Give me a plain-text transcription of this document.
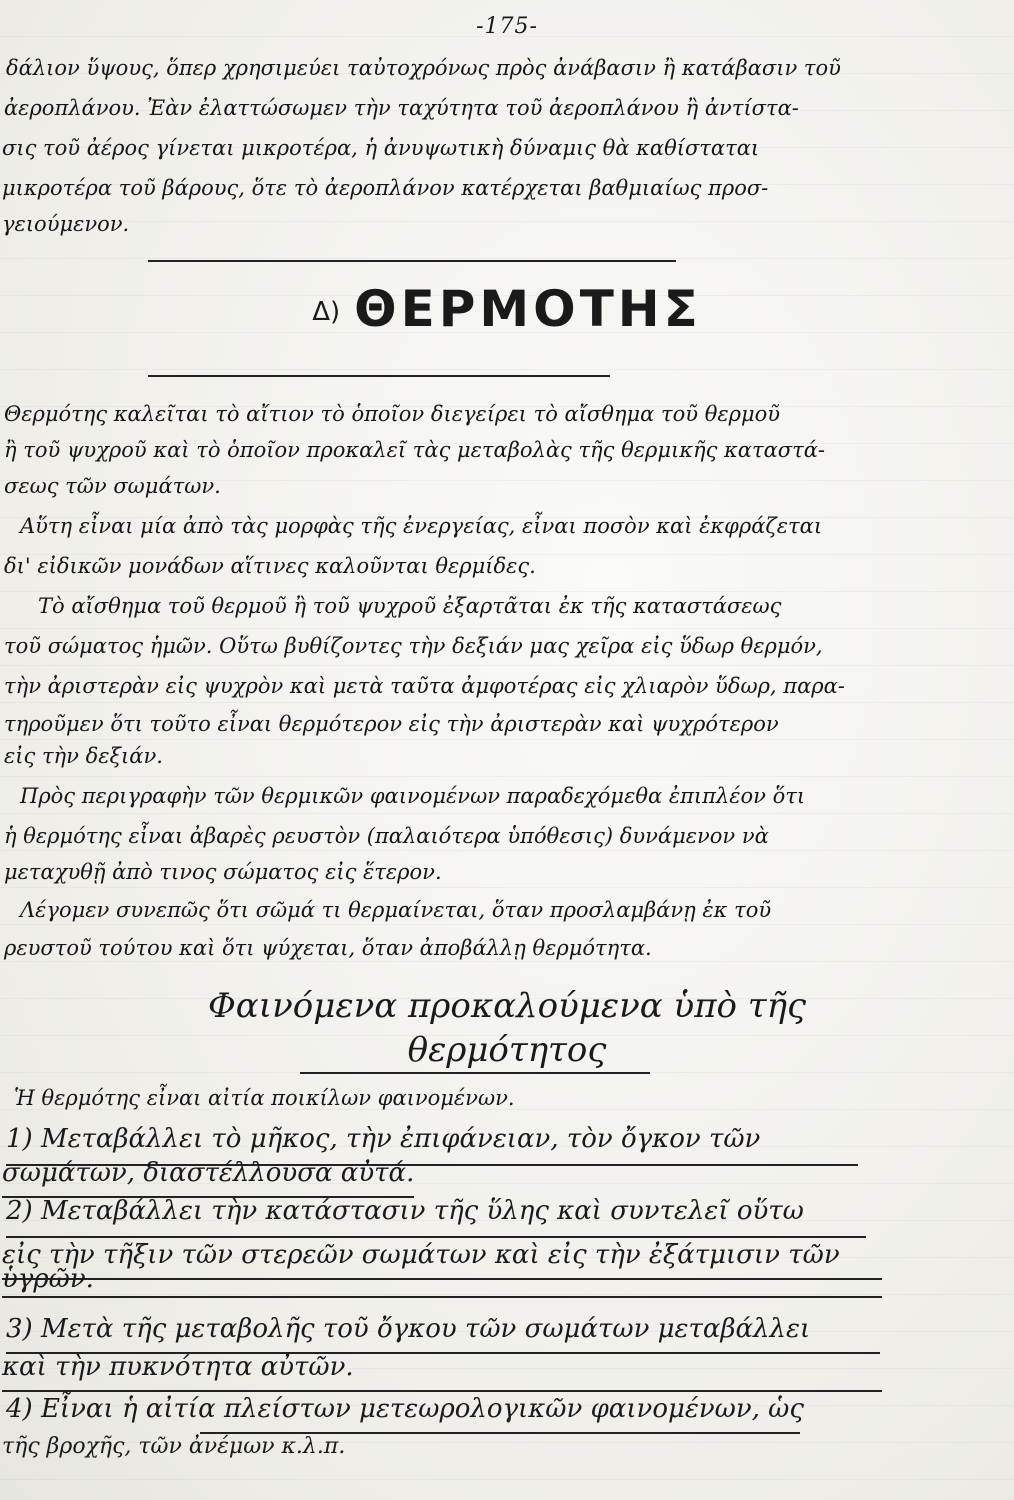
-175-
δάλιον ὕψους, ὅπερ χρησιμεύει ταὐτοχρόνως πρὸς ἀνάβασιν ἢ κατάβασιν τοῦ
ἀεροπλάνου. Ἐὰν ἐλαττώσωμεν τὴν ταχύτητα τοῦ ἀεροπλάνου ἢ ἀντίστα-
σις τοῦ ἀέρος γίνεται μικροτέρα, ἡ ἀνυψωτικὴ δύναμις θὰ καθίσταται
μικροτέρα τοῦ βάρους, ὅτε τὸ ἀεροπλάνον κατέρχεται βαθμιαίως προσ-
γειούμενον.
Δ) ΘΕΡΜΟΤΗΣ
Θερμότης καλεῖται τὸ αἴτιον τὸ ὁποῖον διεγείρει τὸ αἴσθημα τοῦ θερμοῦ
ἢ τοῦ ψυχροῦ καὶ τὸ ὁποῖον προκαλεῖ τὰς μεταβολὰς τῆς θερμικῆς καταστά-
σεως τῶν σωμάτων.
Αὕτη εἶναι μία ἀπὸ τὰς μορφὰς τῆς ἐνεργείας, εἶναι ποσὸν καὶ ἐκφράζεται
δι' εἰδικῶν μονάδων αἵτινες καλοῦνται θερμίδες.
Τὸ αἴσθημα τοῦ θερμοῦ ἢ τοῦ ψυχροῦ ἐξαρτᾶται ἐκ τῆς καταστάσεως
τοῦ σώματος ἡμῶν. Οὕτω βυθίζοντες τὴν δεξιάν μας χεῖρα εἰς ὕδωρ θερμόν,
τὴν ἀριστερὰν εἰς ψυχρὸν καὶ μετὰ ταῦτα ἀμφοτέρας εἰς χλιαρὸν ὕδωρ, παρα-
τηροῦμεν ὅτι τοῦτο εἶναι θερμότερον εἰς τὴν ἀριστερὰν καὶ ψυχρότερον
εἰς τὴν δεξιάν.
Πρὸς περιγραφὴν τῶν θερμικῶν φαινομένων παραδεχόμεθα ἐπιπλέον ὅτι
ἡ θερμότης εἶναι ἀβαρὲς ρευστὸν (παλαιότερα ὑπόθεσις) δυνάμενον νὰ
μεταχυθῇ ἀπὸ τινος σώματος εἰς ἕτερον.
Λέγομεν συνεπῶς ὅτι σῶμά τι θερμαίνεται, ὅταν προσλαμβάνῃ ἐκ τοῦ
ρευστοῦ τούτου καὶ ὅτι ψύχεται, ὅταν ἀποβάλλῃ θερμότητα.
Φαινόμενα προκαλούμενα ὑπὸ τῆς
θερμότητος
Ἡ θερμότης εἶναι αἰτία ποικίλων φαινομένων.
1) Μεταβάλλει τὸ μῆκος, τὴν ἐπιφάνειαν, τὸν ὄγκον τῶν
σωμάτων, διαστέλλουσα αὐτά.
2) Μεταβάλλει τὴν κατάστασιν τῆς ὕλης καὶ συντελεῖ οὕτω
εἰς τὴν τῆξιν τῶν στερεῶν σωμάτων καὶ εἰς τὴν ἐξάτμισιν τῶν
ὑγρῶν.
3) Μετὰ τῆς μεταβολῆς τοῦ ὄγκου τῶν σωμάτων μεταβάλλει
καὶ τὴν πυκνότητα αὐτῶν.
4) Εἶναι ἡ αἰτία πλείστων μετεωρολογικῶν φαινομένων, ὡς
τῆς βροχῆς, τῶν ἀνέμων κ.λ.π.
